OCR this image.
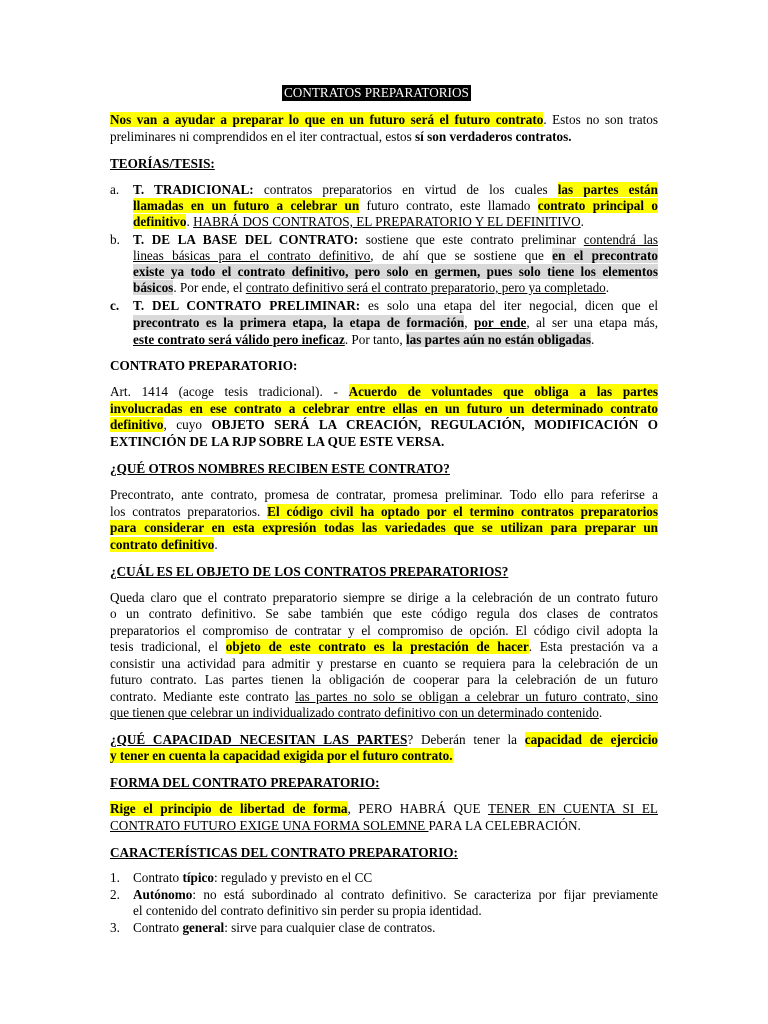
CONTRATOS PREPARATORIOS
Nos van a ayudar a preparar lo que en un futuro será el futuro contrato. Estos no son tratos
preliminares ni comprendidos en el iter contractual, estos sí son verdaderos contratos.
TEORÍAS/TESIS:
a. T. TRADICIONAL: contratos preparatorios en virtud de los cuales las partes están
llamadas en un futuro a celebrar un futuro contrato, este llamado contrato principal o
definitivo. HABRÁ DOS CONTRATOS, EL PREPARATORIO Y EL DEFINITIVO.
b. T. DE LA BASE DEL CONTRATO: sostiene que este contrato preliminar contendrá las
lineas básicas para el contrato definitivo, de ahí que se sostiene que en el precontrato
existe ya todo el contrato definitivo, pero solo en germen, pues solo tiene los elementos
básicos. Por ende, el contrato definitivo será el contrato preparatorio, pero ya completado.
c. T. DEL CONTRATO PRELIMINAR: es solo una etapa del iter negocial, dicen que el
precontrato es la primera etapa, la etapa de formación, por ende, al ser una etapa más,
este contrato será válido pero ineficaz. Por tanto, las partes aún no están obligadas.
CONTRATO PREPARATORIO:
Art. 1414 (acoge tesis tradicional). - Acuerdo de voluntades que obliga a las partes
involucradas en ese contrato a celebrar entre ellas en un futuro un determinado contrato
definitivo, cuyo OBJETO SERÁ LA CREACIÓN, REGULACIÓN, MODIFICACIÓN O
EXTINCIÓN DE LA RJP SOBRE LA QUE ESTE VERSA.
¿QUÉ OTROS NOMBRES RECIBEN ESTE CONTRATO?
Precontrato, ante contrato, promesa de contratar, promesa preliminar. Todo ello para referirse a
los contratos preparatorios. El código civil ha optado por el termino contratos preparatorios
para considerar en esta expresión todas las variedades que se utilizan para preparar un
contrato definitivo.
¿CUÁL ES EL OBJETO DE LOS CONTRATOS PREPARATORIOS?
Queda claro que el contrato preparatorio siempre se dirige a la celebración de un contrato futuro
o un contrato definitivo. Se sabe también que este código regula dos clases de contratos
preparatorios el compromiso de contratar y el compromiso de opción. El código civil adopta la
tesis tradicional, el objeto de este contrato es la prestación de hacer. Esta prestación va a
consistir una actividad para admitir y prestarse en cuanto se requiera para la celebración de un
futuro contrato. Las partes tienen la obligación de cooperar para la celebración de un futuro
contrato. Mediante este contrato las partes no solo se obligan a celebrar un futuro contrato, sino
que tienen que celebrar un individualizado contrato definitivo con un determinado contenido.
¿QUÉ CAPACIDAD NECESITAN LAS PARTES? Deberán tener la capacidad de ejercicio
y tener en cuenta la capacidad exigida por el futuro contrato.
FORMA DEL CONTRATO PREPARATORIO:
Rige el principio de libertad de forma, PERO HABRÁ QUE TENER EN CUENTA SI EL
CONTRATO FUTURO EXIGE UNA FORMA SOLEMNE PARA LA CELEBRACIÓN.
CARACTERÍSTICAS DEL CONTRATO PREPARATORIO:
1. Contrato típico: regulado y previsto en el CC
2. Autónomo: no está subordinado al contrato definitivo. Se caracteriza por fijar previamente
el contenido del contrato definitivo sin perder su propia identidad.
3. Contrato general: sirve para cualquier clase de contratos.
